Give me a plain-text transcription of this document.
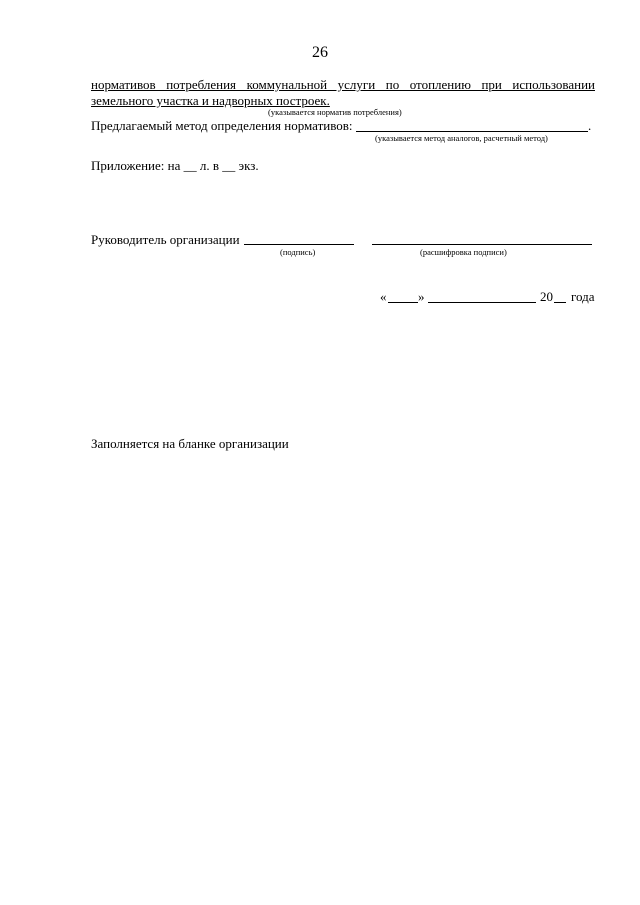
26
нормативов потребления коммунальной услуги по отоплению при использовании
земельного участка и надворных построек.
(указывается норматив потребления)
Предлагаемый метод определения нормативов:	.
(указывается метод аналогов, расчетный метод)
Приложение: на __ л. в __ экз.
Руководитель организации
(подпись)	(расшифровка подписи)
« »	20 года
Заполняется на бланке организации
